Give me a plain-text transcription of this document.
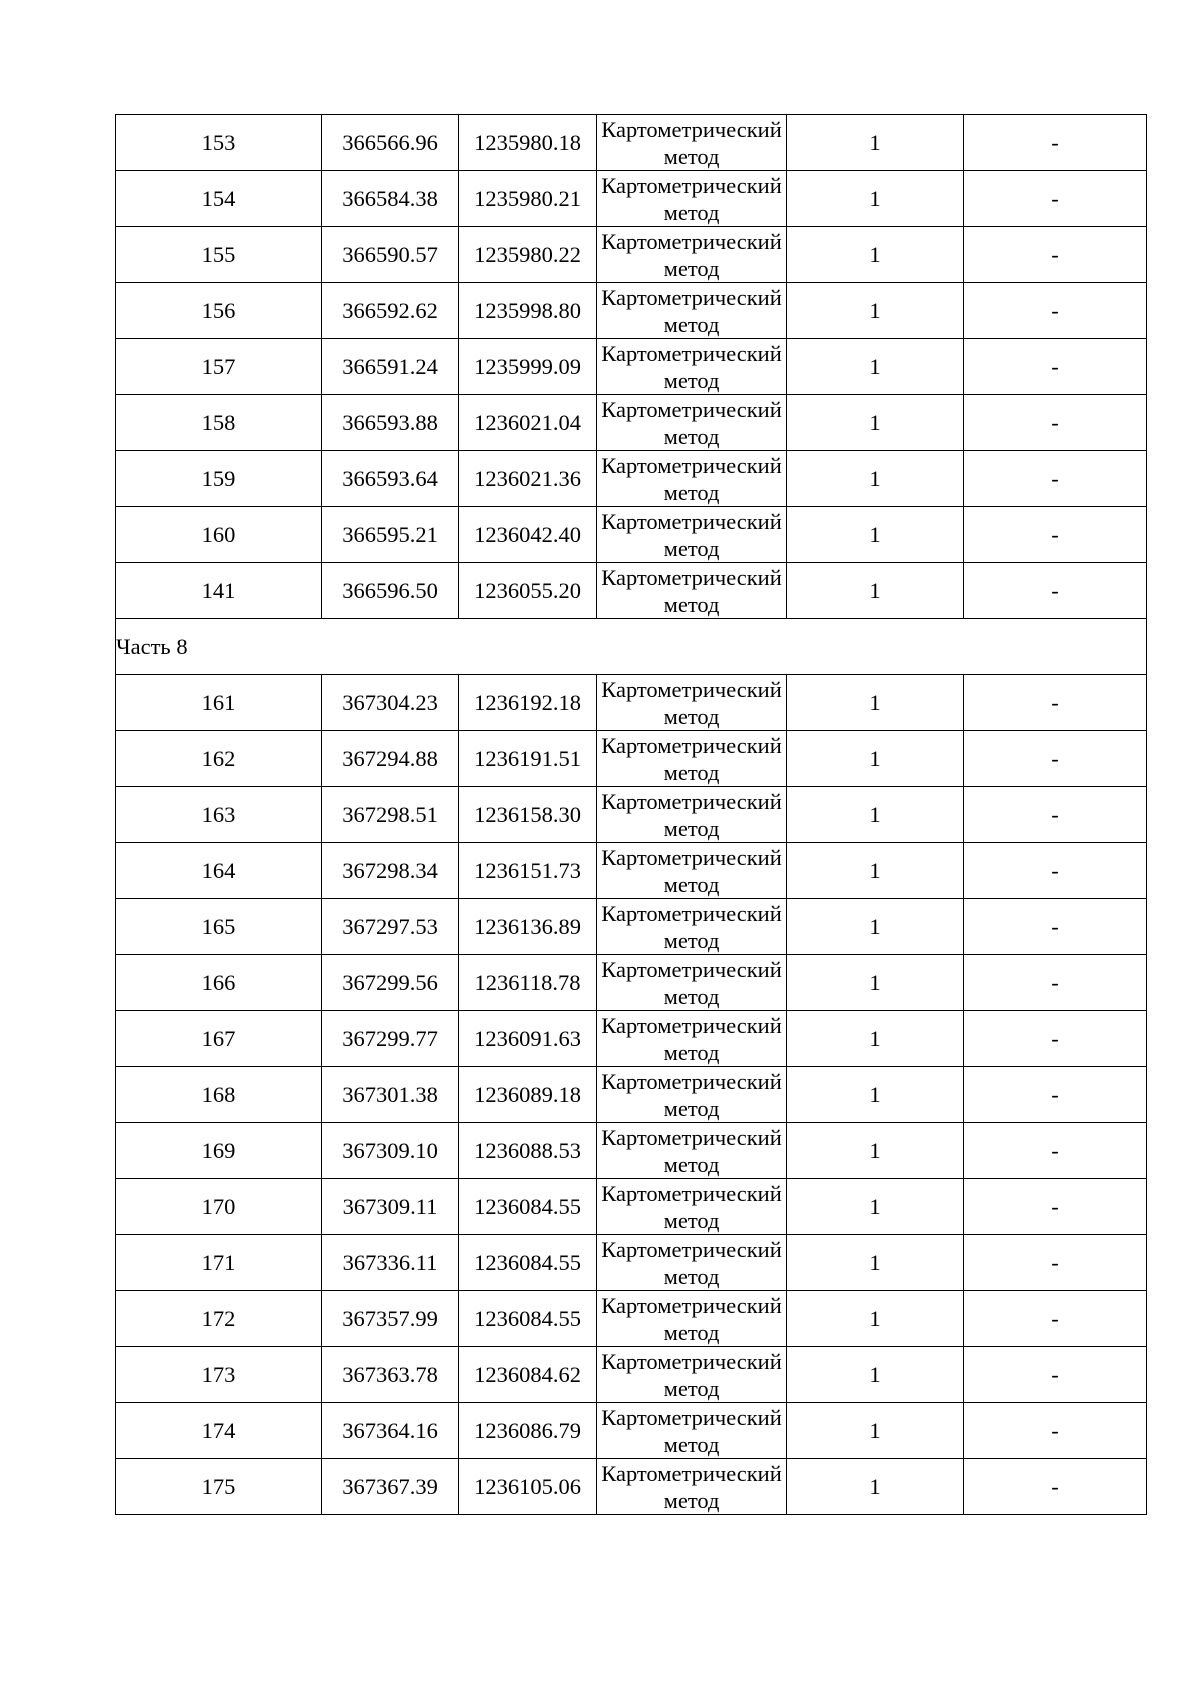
153	366566.96	1235980.18	Картометрический метод	1	-
154	366584.38	1235980.21	Картометрический метод	1	-
155	366590.57	1235980.22	Картометрический метод	1	-
156	366592.62	1235998.80	Картометрический метод	1	-
157	366591.24	1235999.09	Картометрический метод	1	-
158	366593.88	1236021.04	Картометрический метод	1	-
159	366593.64	1236021.36	Картометрический метод	1	-
160	366595.21	1236042.40	Картометрический метод	1	-
141	366596.50	1236055.20	Картометрический метод	1	-
Часть 8					
161	367304.23	1236192.18	Картометрический метод	1	-
162	367294.88	1236191.51	Картометрический метод	1	-
163	367298.51	1236158.30	Картометрический метод	1	-
164	367298.34	1236151.73	Картометрический метод	1	-
165	367297.53	1236136.89	Картометрический метод	1	-
166	367299.56	1236118.78	Картометрический метод	1	-
167	367299.77	1236091.63	Картометрический метод	1	-
168	367301.38	1236089.18	Картометрический метод	1	-
169	367309.10	1236088.53	Картометрический метод	1	-
170	367309.11	1236084.55	Картометрический метод	1	-
171	367336.11	1236084.55	Картометрический метод	1	-
172	367357.99	1236084.55	Картометрический метод	1	-
173	367363.78	1236084.62	Картометрический метод	1	-
174	367364.16	1236086.79	Картометрический метод	1	-
175	367367.39	1236105.06	Картометрический метод	1	-
